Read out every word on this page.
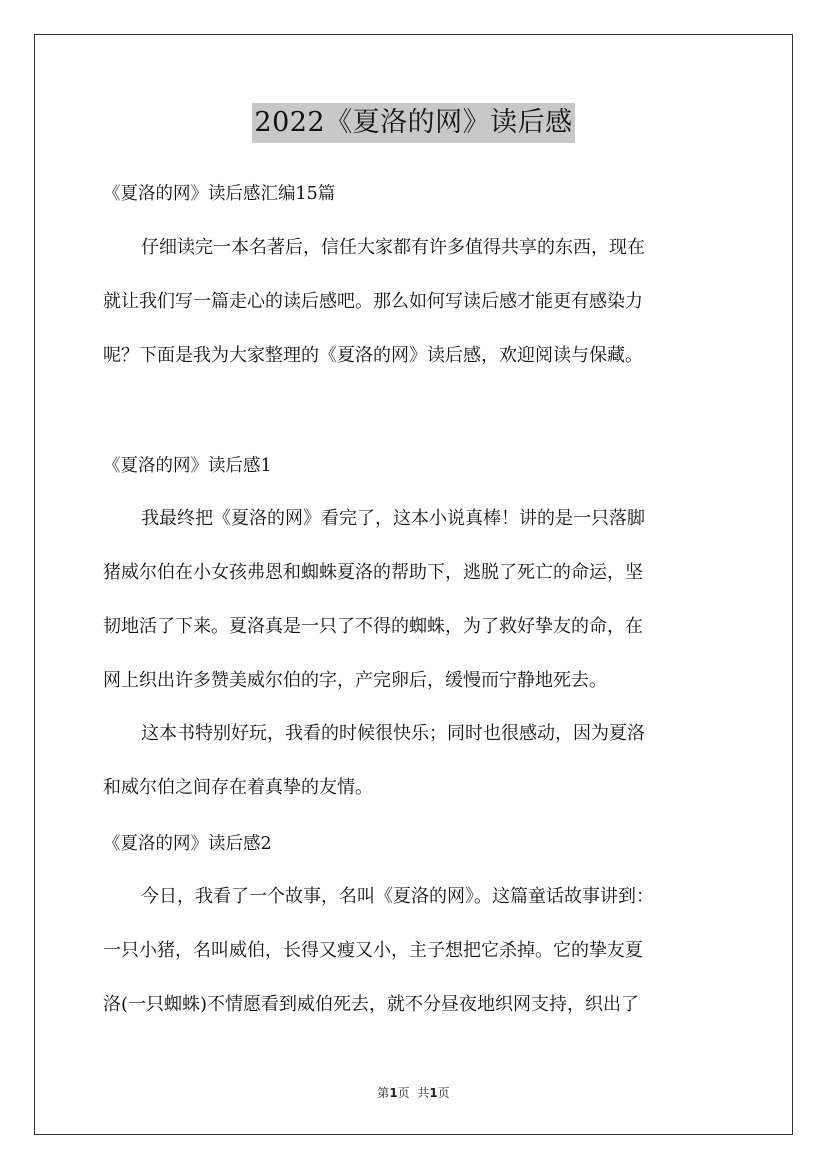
2022《夏洛的网》读后感
《夏洛的网》读后感汇编15篇
仔细读完一本名著后，信任大家都有许多值得共享的东西，现在
就让我们写一篇走心的读后感吧。那么如何写读后感才能更有感染力
呢？下面是我为大家整理的《夏洛的网》读后感，欢迎阅读与保藏。
《夏洛的网》读后感1
我最终把《夏洛的网》看完了，这本小说真棒！讲的是一只落脚
猪威尔伯在小女孩弗恩和蜘蛛夏洛的帮助下，逃脱了死亡的命运，坚
韧地活了下来。夏洛真是一只了不得的蜘蛛，为了救好挚友的命，在
网上织出许多赞美威尔伯的字，产完卵后，缓慢而宁静地死去。
这本书特别好玩，我看的时候很快乐；同时也很感动，因为夏洛
和威尔伯之间存在着真挚的友情。
《夏洛的网》读后感2
今日，我看了一个故事，名叫《夏洛的网》。这篇童话故事讲到：
一只小猪，名叫威伯，长得又瘦又小，主子想把它杀掉。它的挚友夏
洛(一只蜘蛛)不情愿看到威伯死去，就不分昼夜地织网支持，织出了
第1页  共1页
